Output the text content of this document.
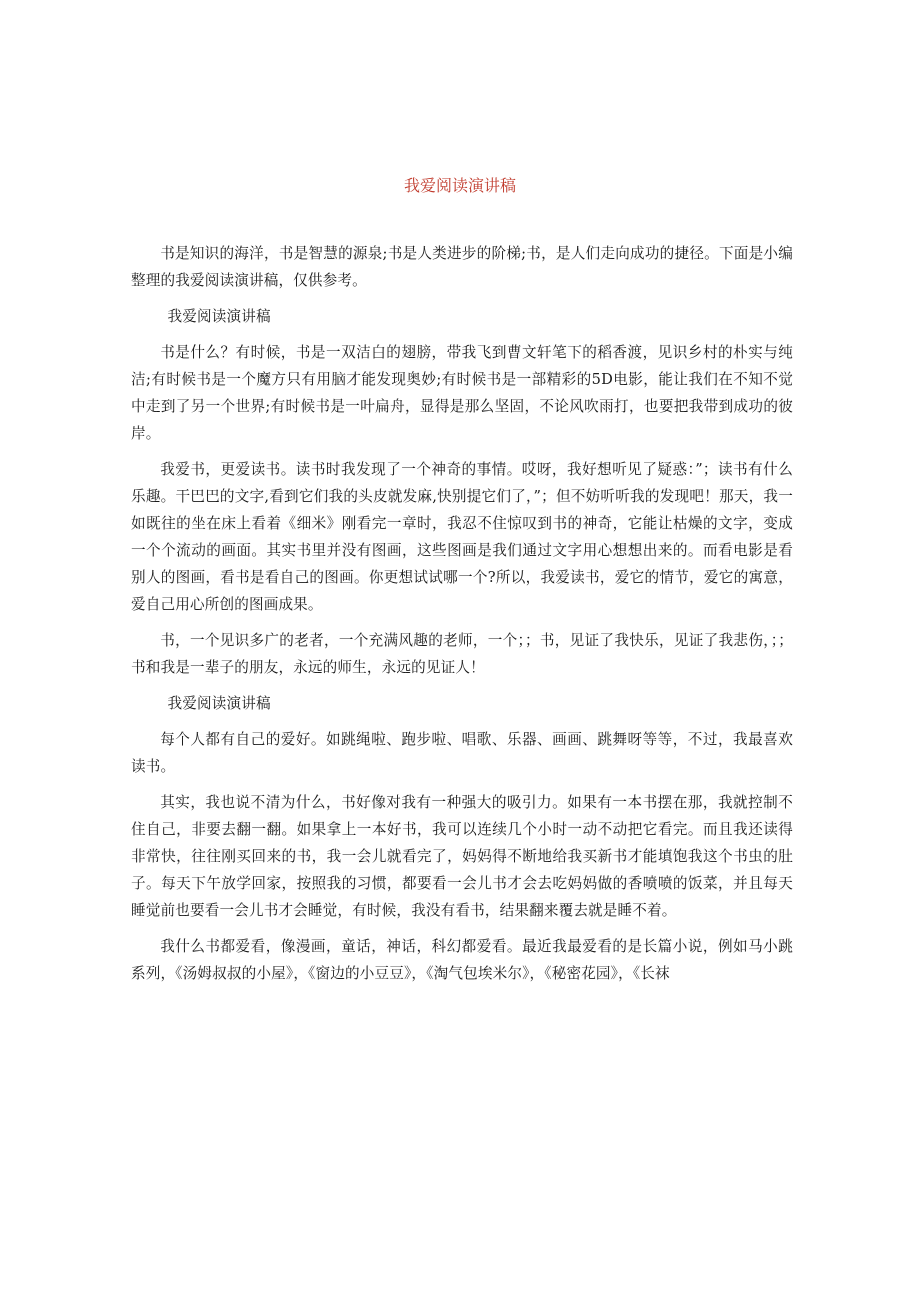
我爱阅读演讲稿

书是知识的海洋，书是智慧的源泉;书是人类进步的阶梯;书，是人们走向成功的捷径。下面是小编整理的我爱阅读演讲稿，仅供参考。

我爱阅读演讲稿

书是什么？有时候，书是一双洁白的翅膀，带我飞到曹文轩笔下的稻香渡，见识乡村的朴实与纯洁;有时候书是一个魔方只有用脑才能发现奥妙;有时候书是一部精彩的5D电影，能让我们在不知不觉中走到了另一个世界;有时候书是一叶扁舟，显得是那么坚固，不论风吹雨打，也要把我带到成功的彼岸。

我爱书，更爱读书。读书时我发现了一个神奇的事情。哎呀，我好想听见了疑惑：”；读书有什么乐趣。干巴巴的文字,看到它们我的头皮就发麻,快别提它们了，”；但不妨听听我的发现吧！那天，我一如既往的坐在床上看着《细米》刚看完一章时，我忍不住惊叹到书的神奇，它能让枯燥的文字，变成一个个流动的画面。其实书里并没有图画，这些图画是我们通过文字用心想想出来的。而看电影是看别人的图画，看书是看自己的图画。你更想试试哪一个?所以，我爱读书，爱它的情节，爱它的寓意，爱自己用心所创的图画成果。

书，一个见识多广的老者，一个充满风趣的老师，一个；；书，见证了我快乐，见证了我悲伤，；；书和我是一辈子的朋友，永远的师生，永远的见证人！

我爱阅读演讲稿

每个人都有自己的爱好。如跳绳啦、跑步啦、唱歌、乐器、画画、跳舞呀等等，不过，我最喜欢读书。

其实，我也说不清为什么，书好像对我有一种强大的吸引力。如果有一本书摆在那，我就控制不住自己，非要去翻一翻。如果拿上一本好书，我可以连续几个小时一动不动把它看完。而且我还读得非常快，往往刚买回来的书，我一会儿就看完了，妈妈得不断地给我买新书才能填饱我这个书虫的肚子。每天下午放学回家，按照我的习惯，都要看一会儿书才会去吃妈妈做的香喷喷的饭菜，并且每天睡觉前也要看一会儿书才会睡觉，有时候，我没有看书，结果翻来覆去就是睡不着。

我什么书都爱看，像漫画，童话，神话，科幻都爱看。最近我最爱看的是长篇小说，例如马小跳系列，《汤姆叔叔的小屋》，《窗边的小豆豆》，《淘气包埃米尔》，《秘密花园》，《长袜
